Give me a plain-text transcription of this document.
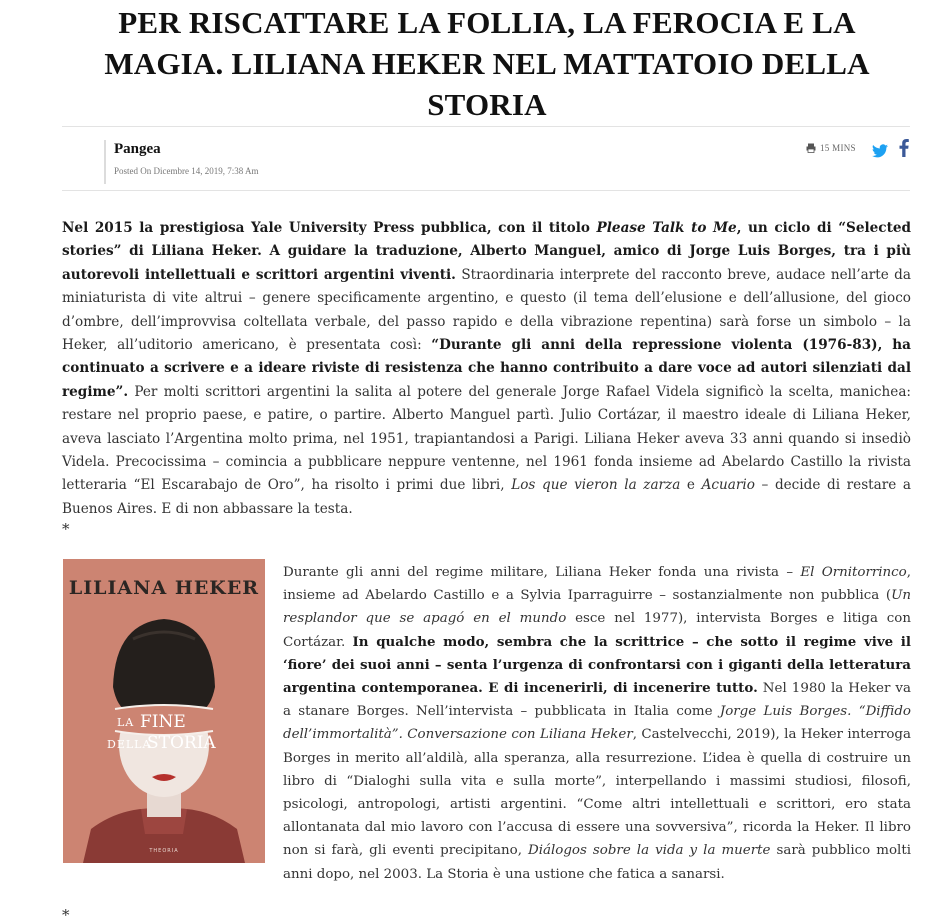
PER RISCATTARE LA FOLLIA, LA FEROCIA E LA MAGIA. LILIANA HEKER NEL MATTATOIO DELLA STORIA
Pangea
Posted On Dicembre 14, 2019, 7:38 Am
15 MINS

Nel 2015 la prestigiosa Yale University Press pubblica, con il titolo Please Talk to Me, un ciclo di “Selected stories” di Liliana Heker. A guidare la traduzione, Alberto Manguel, amico di Jorge Luis Borges, tra i più autorevoli intellettuali e scrittori argentini viventi. Straordinaria interprete del racconto breve, audace nell’arte da miniaturista di vite altrui – genere specificamente argentino, e questo (il tema dell’elusione e dell’allusione, del gioco d’ombre, dell’improvvisa coltellata verbale, del passo rapido e della vibrazione repentina) sarà forse un simbolo – la Heker, all’uditorio americano, è presentata così: “Durante gli anni della repressione violenta (1976-83), ha continuato a scrivere e a ideare riviste di resistenza che hanno contribuito a dare voce ad autori silenziati dal regime”. Per molti scrittori argentini la salita al potere del generale Jorge Rafael Videla significò la scelta, manichea: restare nel proprio paese, e patire, o partire. Alberto Manguel partì. Julio Cortázar, il maestro ideale di Liliana Heker, aveva lasciato l’Argentina molto prima, nel 1951, trapiantandosi a Parigi. Liliana Heker aveva 33 anni quando si insediò Videla. Precocissima – comincia a pubblicare neppure ventenne, nel 1961 fonda insieme ad Abelardo Castillo la rivista letteraria “El Escarabajo de Oro”, ha risolto i primi due libri, Los que vieron la zarza e Acuario – decide di restare a Buenos Aires. E di non abbassare la testa.

*
LILIANA HEKER
LA FINE
DELLA
STORIA
THEORIA

Durante gli anni del regime militare, Liliana Heker fonda una rivista – El Ornitorrinco, insieme ad Abelardo Castillo e a Sylvia Iparraguirre – sostanzialmente non pubblica (Un resplandor que se apagó en el mundo esce nel 1977), intervista Borges e litiga con Cortázar. In qualche modo, sembra che la scrittrice – che sotto il regime vive il ‘fiore’ dei suoi anni – senta l’urgenza di confrontarsi con i giganti della letteratura argentina contemporanea. E di incenerirli, di incenerire tutto. Nel 1980 la Heker va a stanare Borges. Nell’intervista – pubblicata in Italia come Jorge Luis Borges. “Diffido dell’immortalità”. Conversazione con Liliana Heker, Castelvecchi, 2019), la Heker interroga Borges in merito all’aldilà, alla speranza, alla resurrezione. L’idea è quella di costruire un libro di “Dialoghi sulla vita e sulla morte”, interpellando i massimi studiosi, filosofi, psicologi, antropologi, artisti argentini. “Come altri intellettuali e scrittori, ero stata allontanata dal mio lavoro con l’accusa di essere una sovversiva”, ricorda la Heker. Il libro non si farà, gli eventi precipitano, Diálogos sobre la vida y la muerte sarà pubblico molti anni dopo, nel 2003. La Storia è una ustione che fatica a sanarsi.

*
